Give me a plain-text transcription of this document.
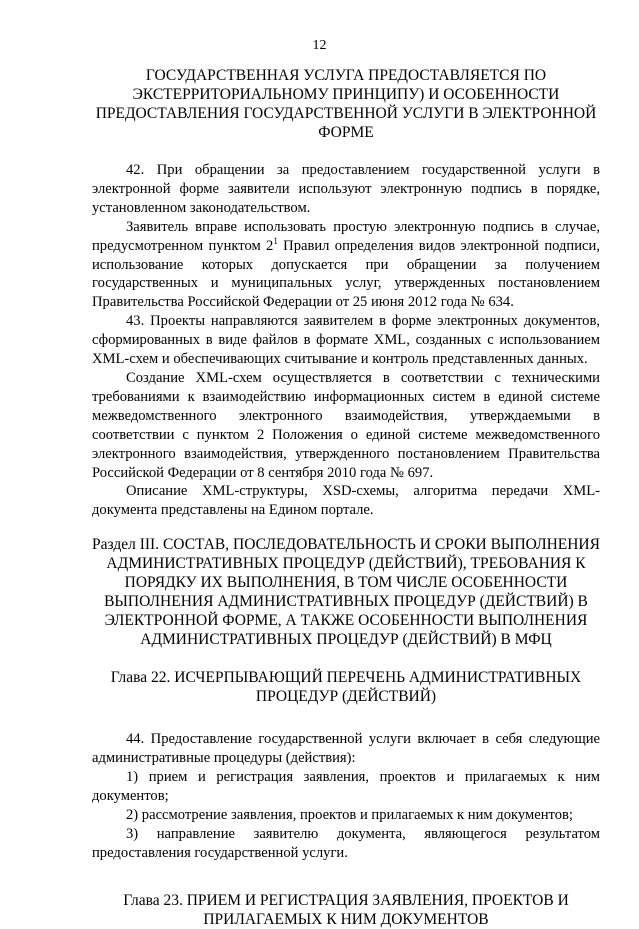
12

ГОСУДАРСТВЕННАЯ УСЛУГА ПРЕДОСТАВЛЯЕТСЯ ПО ЭКСТЕРРИТОРИАЛЬНОМУ ПРИНЦИПУ) И ОСОБЕННОСТИ ПРЕДОСТАВЛЕНИЯ ГОСУДАРСТВЕННОЙ УСЛУГИ В ЭЛЕКТРОННОЙ ФОРМЕ

42. При обращении за предоставлением государственной услуги в электронной форме заявители используют электронную подпись в порядке, установленном законодательством.

Заявитель вправе использовать простую электронную подпись в случае, предусмотренном пунктом $2^1$ Правил определения видов электронной подписи, использование которых допускается при обращении за получением государственных и муниципальных услуг, утвержденных постановлением Правительства Российской Федерации от 25 июня 2012 года № 634.

43. Проекты направляются заявителем в форме электронных документов, сформированных в виде файлов в формате XML, созданных с использованием XML-схем и обеспечивающих считывание и контроль представленных данных.

Создание XML-схем осуществляется в соответствии с техническими требованиями к взаимодействию информационных систем в единой системе межведомственного электронного взаимодействия, утверждаемыми в соответствии с пунктом 2 Положения о единой системе межведомственного электронного взаимодействия, утвержденного постановлением Правительства Российской Федерации от 8 сентября 2010 года № 697.

Описание XML-структуры, XSD-схемы, алгоритма передачи XML-документа представлены на Едином портале.

Раздел III. СОСТАВ, ПОСЛЕДОВАТЕЛЬНОСТЬ И СРОКИ ВЫПОЛНЕНИЯ АДМИНИСТРАТИВНЫХ ПРОЦЕДУР (ДЕЙСТВИЙ), ТРЕБОВАНИЯ К ПОРЯДКУ ИХ ВЫПОЛНЕНИЯ, В ТОМ ЧИСЛЕ ОСОБЕННОСТИ ВЫПОЛНЕНИЯ АДМИНИСТРАТИВНЫХ ПРОЦЕДУР (ДЕЙСТВИЙ) В ЭЛЕКТРОННОЙ ФОРМЕ, А ТАКЖЕ ОСОБЕННОСТИ ВЫПОЛНЕНИЯ АДМИНИСТРАТИВНЫХ ПРОЦЕДУР (ДЕЙСТВИЙ) В МФЦ

Глава 22. ИСЧЕРПЫВАЮЩИЙ ПЕРЕЧЕНЬ АДМИНИСТРАТИВНЫХ ПРОЦЕДУР (ДЕЙСТВИЙ)

44. Предоставление государственной услуги включает в себя следующие административные процедуры (действия):

1) прием и регистрация заявления, проектов и прилагаемых к ним документов;

2) рассмотрение заявления, проектов и прилагаемых к ним документов;

3) направление заявителю документа, являющегося результатом предоставления государственной услуги.

Глава 23. ПРИЕМ И РЕГИСТРАЦИЯ ЗАЯВЛЕНИЯ, ПРОЕКТОВ И ПРИЛАГАЕМЫХ К НИМ ДОКУМЕНТОВ
